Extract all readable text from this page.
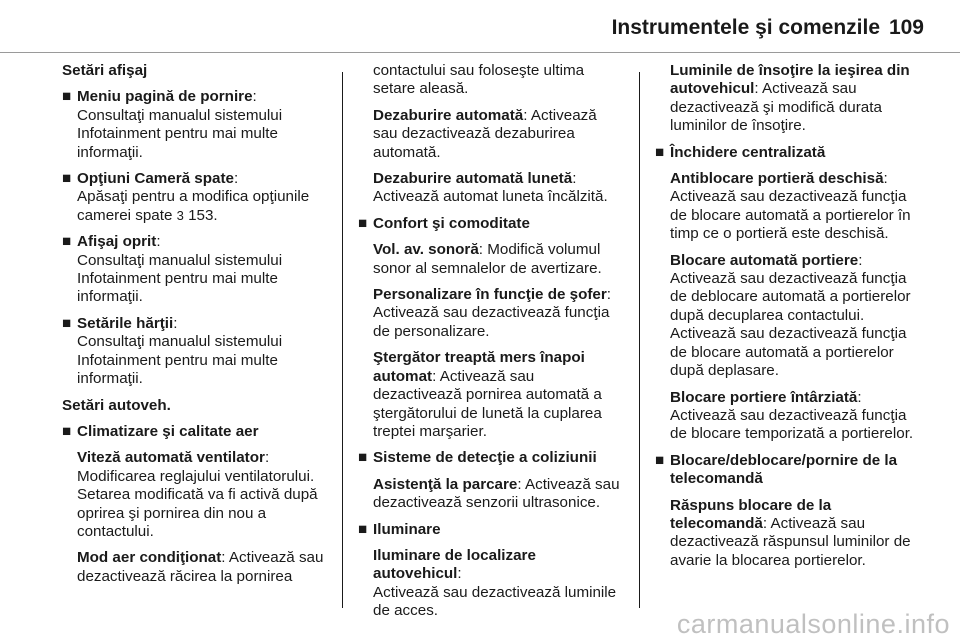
Instrumentele şi comenzile 109

Setări afişaj

■ Meniu pagină de pornire:

Consultaţi manualul sistemului Infotainment pentru mai multe informaţii.

■ Opţiuni Cameră spate:

Apăsaţi pentru a modifica opţiunile camerei spate 3 153.

■ Afişaj oprit:

Consultaţi manualul sistemului Infotainment pentru mai multe informaţii.

■ Setările hărţii:

Consultaţi manualul sistemului Infotainment pentru mai multe informaţii.

Setări autoveh.

■ Climatizare şi calitate aer

Viteză automată ventilator:
Modificarea reglajului ventilatorului. Setarea modificată va fi activă după oprirea şi pornirea din nou a contactului.

Mod aer condiţionat: Activează sau dezactivează răcirea la pornirea

contactului sau foloseşte ultima setare aleasă.

Dezaburire automată: Activează sau dezactivează dezaburirea automată.

Dezaburire automată lunetă:
Activează automat luneta încălzită.

■ Confort şi comoditate

Vol. av. sonoră: Modifică volumul sonor al semnalelor de avertizare.

Personalizare în funcţie de şofer:
Activează sau dezactivează funcţia de personalizare.

Ştergător treaptă mers înapoi automat: Activează sau dezactivează pornirea automată a ştergătorului de lunetă la cuplarea treptei marşarier.

■ Sisteme de detecţie a coliziunii

Asistenţă la parcare: Activează sau dezactivează senzorii ultrasonice.

■ Iluminare

Iluminare de localizare autovehicul:
Activează sau dezactivează luminile de acces.

Luminile de însoţire la ieşirea din autovehicul: Activează sau dezactivează şi modifică durata luminilor de însoţire.

■ Închidere centralizată

Antiblocare portieră deschisă:
Activează sau dezactivează funcţia de blocare automată a portierelor în timp ce o portieră este deschisă.

Blocare automată portiere:
Activează sau dezactivează funcţia de deblocare automată a portierelor după decuplarea contactului. Activează sau dezactivează funcţia de blocare automată a portierelor după deplasare.

Blocare portiere întârziată:
Activează sau dezactivează funcţia de blocare temporizată a portierelor.

■ Blocare/deblocare/pornire de la telecomandă

Răspuns blocare de la telecomandă: Activează sau dezactivează răspunsul luminilor de avarie la blocarea portierelor.

carmanualsonline.info
